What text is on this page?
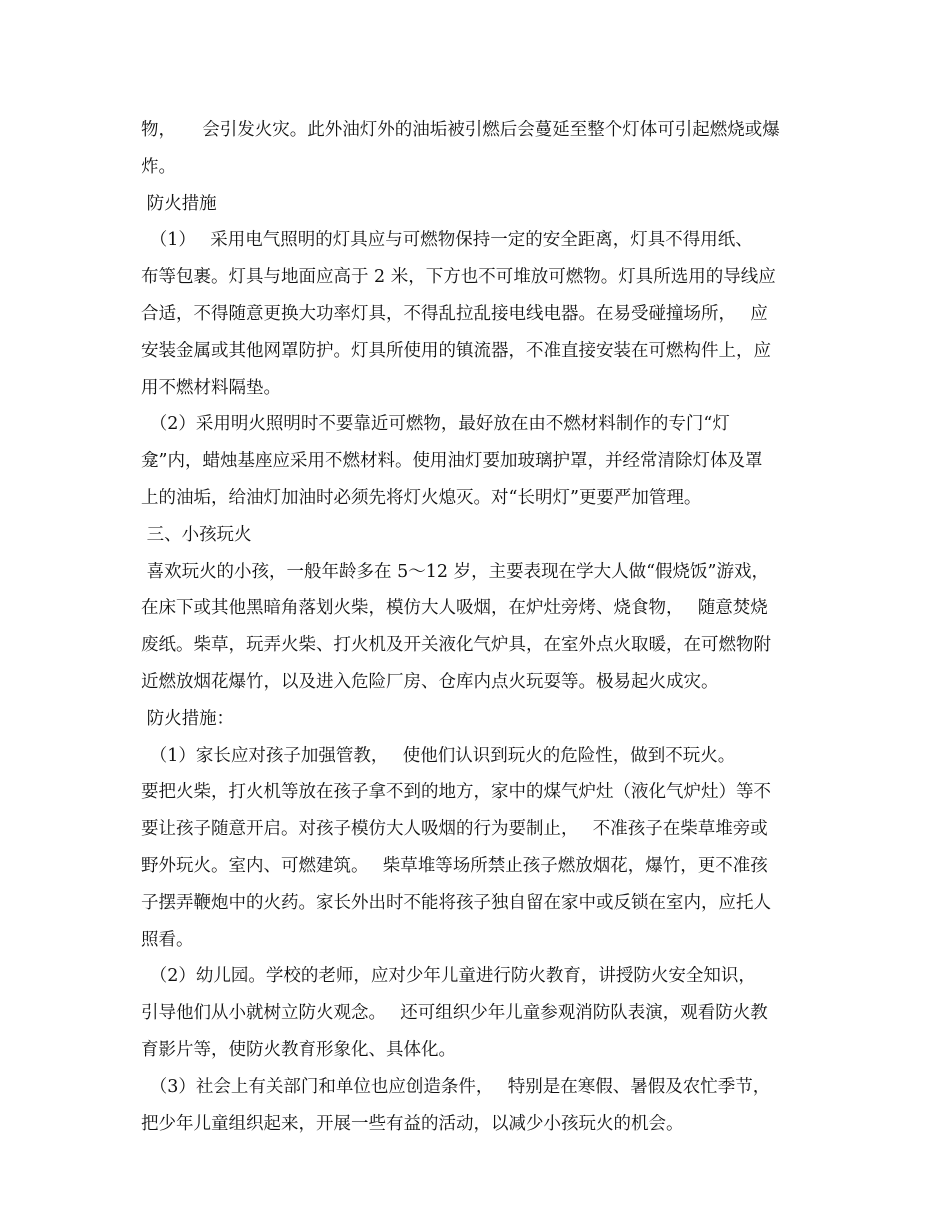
物，　　会引发火灾。此外油灯外的油垢被引燃后会蔓延至整个灯体可引起燃烧或爆
炸。
防火措施
　（1）　 采用电气照明的灯具应与可燃物保持一定的安全距离，灯具不得用纸、
布等包裹。灯具与地面应高于 2 米，下方也不可堆放可燃物。灯具所选用的导线应
合适，不得随意更换大功率灯具，不得乱拉乱接电线电器。在易受碰撞场所，　 应
安装金属或其他网罩防护。灯具所使用的镇流器，不准直接安装在可燃构件上，应
用不燃材料隔垫。
　（2）采用明火照明时不要靠近可燃物，最好放在由不燃材料制作的专门“灯
龛”内，蜡烛基座应采用不燃材料。使用油灯要加玻璃护罩，并经常清除灯体及罩
上的油垢，给油灯加油时必须先将灯火熄灭。对“长明灯”更要严加管理。
三、小孩玩火
喜欢玩火的小孩，一般年龄多在 5～12 岁，主要表现在学大人做“假烧饭”游戏，
在床下或其他黑暗角落划火柴，模仿大人吸烟，在炉灶旁烤、烧食物，　 随意焚烧
废纸。柴草，玩弄火柴、打火机及开关液化气炉具，在室外点火取暖，在可燃物附
近燃放烟花爆竹，以及进入危险厂房、仓库内点火玩耍等。极易起火成灾。
防火措施：
　（1）家长应对孩子加强管教，　 使他们认识到玩火的危险性，做到不玩火。
要把火柴，打火机等放在孩子拿不到的地方，家中的煤气炉灶（液化气炉灶）等不
要让孩子随意开启。对孩子模仿大人吸烟的行为要制止，　 不准孩子在柴草堆旁或
野外玩火。室内、可燃建筑。　 柴草堆等场所禁止孩子燃放烟花，爆竹，更不准孩
子摆弄鞭炮中的火药。家长外出时不能将孩子独自留在家中或反锁在室内，应托人
照看。
　（2）幼儿园。学校的老师，应对少年儿童进行防火教育，讲授防火安全知识，
引导他们从小就树立防火观念。　 还可组织少年儿童参观消防队表演，观看防火教
育影片等，使防火教育形象化、具体化。
　（3）社会上有关部门和单位也应创造条件，　 特别是在寒假、暑假及农忙季节，
把少年儿童组织起来，开展一些有益的活动，以减少小孩玩火的机会。
